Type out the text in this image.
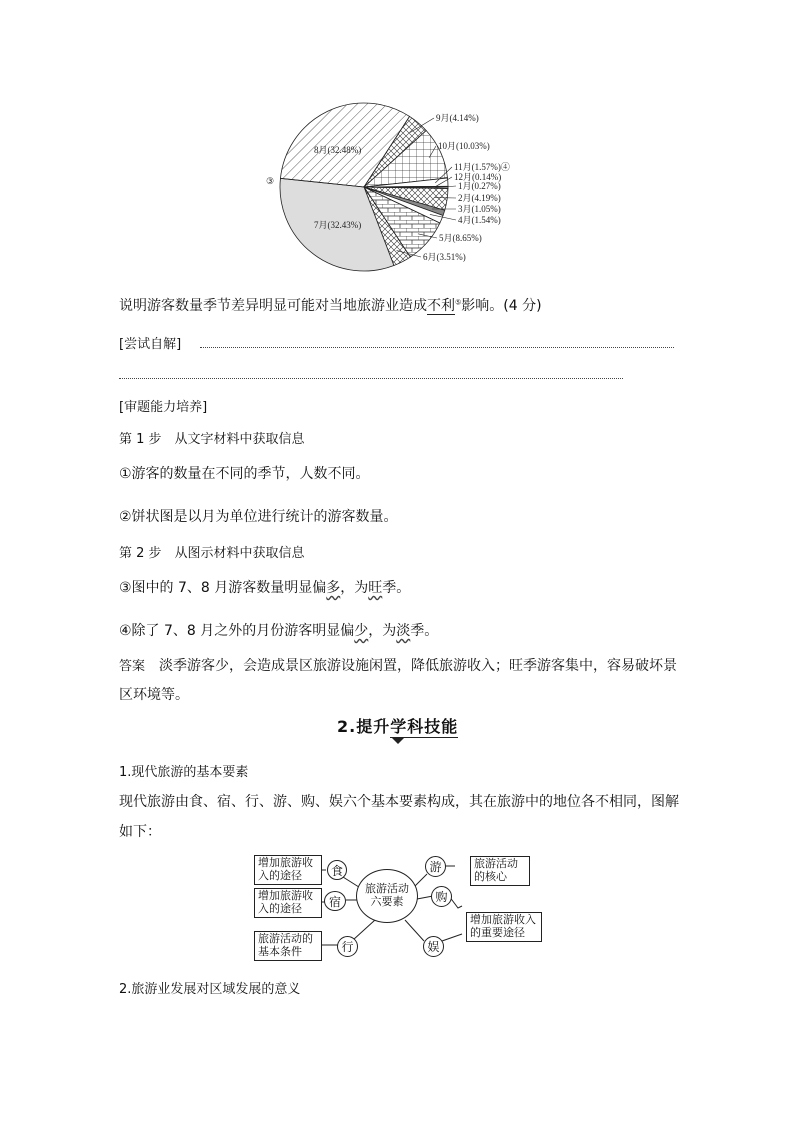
1月(0.27%)
2月(4.19%)
3月(1.05%)
4月(1.54%)
5月(8.65%)
6月(3.51%)
7月(32.43%)
8月(32.48%)
9月(4.14%)
10月(10.03%)
11月(1.57%)④
12月(0.14%)
③
说明游客数量季节差异明显可能对当地旅游业造成不利⑤影响。(4 分)
[尝试自解]
[审题能力培养]
第 1 步　从文字材料中获取信息
①游客的数量在不同的季节，人数不同。
②饼状图是以月为单位进行统计的游客数量。
第 2 步　从图示材料中获取信息
③图中的 7、8 月游客数量明显偏多，为旺季。
④除了 7、8 月之外的月份游客明显偏少，为淡季。
答案　淡季游客少，会造成景区旅游设施闲置，降低旅游收入；旺季游客集中，容易破坏景
区环境等。
2.提升学科技能
1.现代旅游的基本要素
现代旅游由食、宿、行、游、购、娱六个基本要素构成，其在旅游中的地位各不相同，图解
如下：
增加旅游收
入的途径
增加旅游收
入的途径
旅游活动的
基本条件
旅游活动
的核心
增加旅游收入
的重要途径
食
宿
行
游
购
娱
旅游活动
六要素
2.旅游业发展对区域发展的意义
